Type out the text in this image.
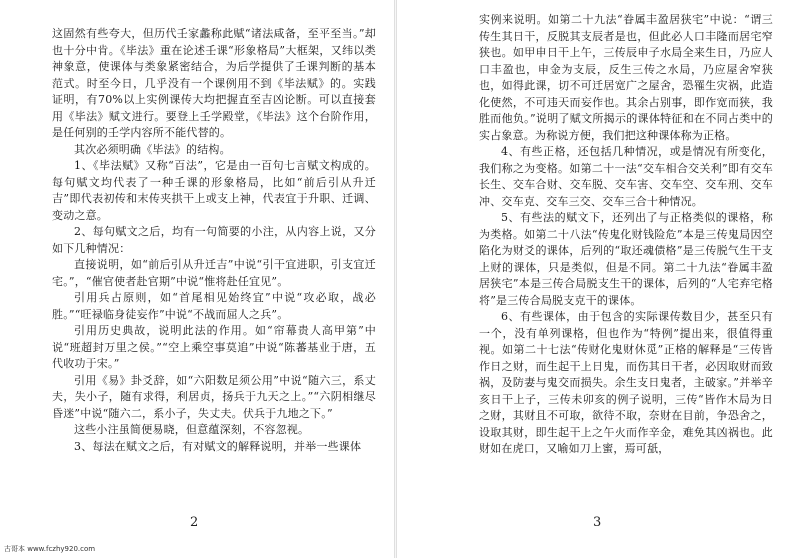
这固然有些夸大，但历代壬家蠡称此赋“诸法咸备，至平至当。”却也十分中肯。《毕法》重在论述壬课“形象格局”大框架，又纬以类神象意，使课体与类象紧密结合，为后学提供了壬课判断的基本范式。时至今日，几乎没有一个课例用不到《毕法赋》的。实践证明，有70%以上实例课传大均把握直至吉凶论断。可以直接套用《毕法》赋文进行。要登上壬学殿堂，《毕法》这个台阶作用，是任何别的壬学内容所不能代替的。

其次必须明确《毕法》的结构。

1、《毕法赋》又称“百法”，它是由一百句七言赋文构成的。每句赋文均代表了一种壬课的形象格局，比如“前后引从升迁吉”即代表初传和末传夹拱干上或支上神，代表宜于升职、迁调、变动之意。

2、每句赋文之后，均有一句简要的小注，从内容上说，又分如下几种情况：

直接说明，如“前后引从升迁吉”中说“引干宜进职，引支宜迁宅。”，“催官使者赴官期”中说“惟将赴任宜见”。

引用兵占原则，如“首尾相见始终宜”中说“攻必取，战必胜。”“旺禄临身徒妄作”中说“不战而屈人之兵”。

引用历史典故，说明此法的作用。如“帘幕贵人高甲第”中说“班超封万里之侯。”“空上乘空事莫追”中说“陈蕃基业于唐，五代收功于宋。”

引用《易》卦爻辞，如“六阳数足须公用”中说“随六三，系丈夫，失小子，随有求得，利居贞，扬兵于九天之上。”“六阴相继尽昏迷”中说“随六二，系小子，失丈夫。伏兵于九地之下。”

这些小注虽简便易晓，但意蕴深刻，不容忽视。

3、每法在赋文之后，有对赋文的解释说明，并举一些课体

2

实例来说明。如第二十九法“眷属丰盈居狭宅”中说：“谓三传生其日干，反脱其支辰者是也，但此必人口丰隆而居宅窄狭也。如甲申日干上午，三传辰申子水局全来生日，乃应人口丰盈也，申金为支辰，反生三传之水局，乃应屋舍窄狭也，如得此课，切不可迁居宽广之屋舍，恐罹生灾祸，此造化使然，不可违天而妄作也。其余占别事，即作宽而狭，我胜而他负。”说明了赋文所揭示的课体特征和在不同占类中的实占象意。为称说方便，我们把这种课体称为正格。

4、有些正格，还包括几种情况，或是情况有所变化，我们称之为变格。如第二十一法“交车相合交关利”即有交车长生、交车合财、交车脱、交车害、交车空、交车刑、交车冲、交车克、交车三交、交车三合十种情况。

5、有些法的赋文下，还列出了与正格类似的课格，称为类格。如第二十八法“传鬼化财钱险危”本是三传鬼局因空陷化为财爻的课体，后列的“取还魂债格”是三传脱气生干支上财的课体，只是类似，但是不同。第二十九法“眷属丰盈居狭宅”本是三传合局脱支生干的课体，后列的“人宅弃宅格将”是三传合局脱支克干的课体。

6、有些课体，由于包含的实际课传数目少，甚至只有一个，没有单列课格，但也作为“特例”提出来，很值得重视。如第二十七法“传财化鬼财休觅”正格的解释是“三传皆作日之财，而生起干上日鬼，而伤其日干者，必因取财而致祸，及防妻与鬼交而损失。余生支日鬼者，主破家。”并举辛亥日干上子，三传未卯亥的例子说明，三传“皆作木局为日之财，其财且不可取，欲待不取，奈财在目前，争恐舍之，设取其财，即生起干上之午火而作辛金，难免其凶祸也。此财如在虎口，又喻如刀上蜜，焉可舐，

3
古哥本 www.fczhy920.com
